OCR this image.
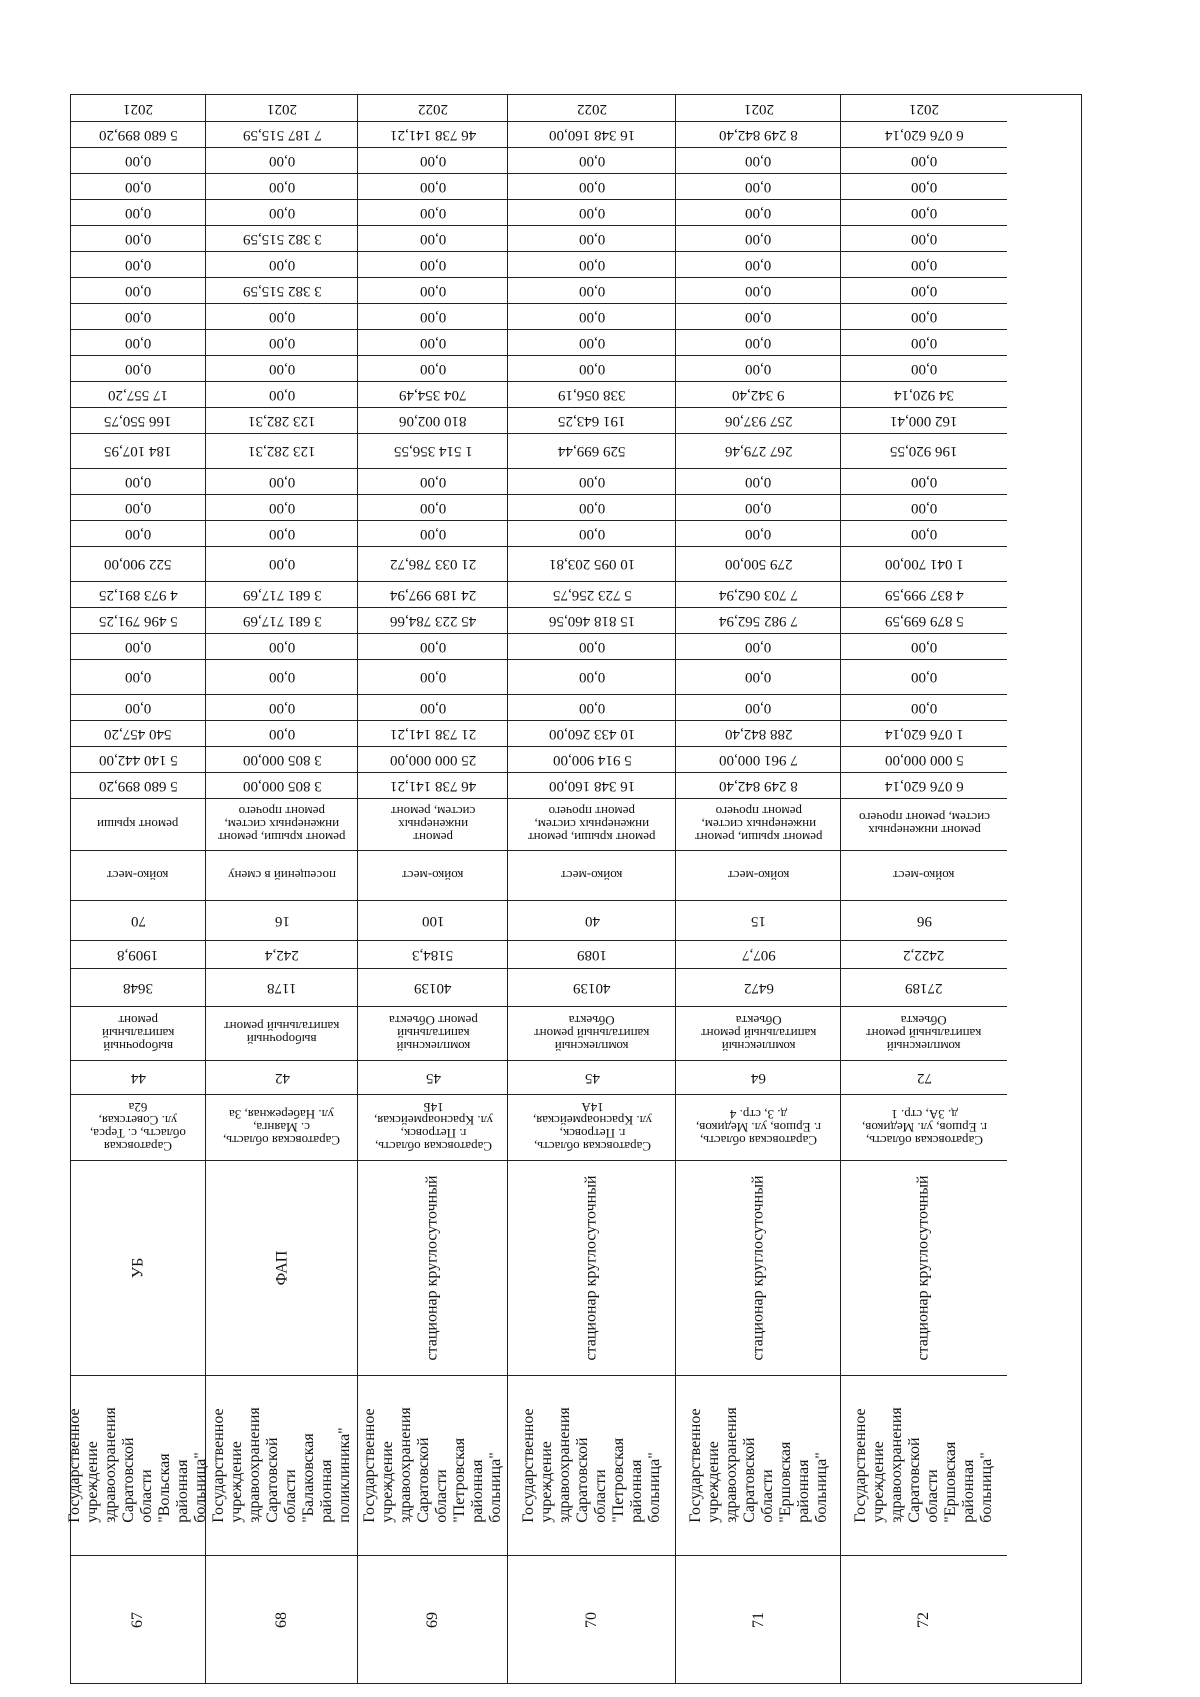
2021
5 680 899,20
0,00
0,00
0,00
0,00
0,00
0,00
0,00
0,00
0,00
17 557,20
166 550,75
184 107,95
0,00
0,00
0,00
522 900,00
4 973 891,25
5 496 791,25
0,00
0,00
0,00
540 457,20
5 140 442,00
5 680 899,20
ремонт крыши
койко-мест
70
1909,8
3648
выборочный
капитальный
ремонт
44
Саратовская
область, с. Терса,
ул. Советская,
62а
УБ
Государственное
учреждение
здравоохранения
Саратовской
области
"Вольская
районная
больница"
67
2021
7 187 515,59
0,00
0,00
0,00
3 382 515,59
0,00
3 382 515,59
0,00
0,00
0,00
0,00
123 282,31
123 282,31
0,00
0,00
0,00
0,00
3 681 717,69
3 681 717,69
0,00
0,00
0,00
0,00
3 805 000,00
3 805 000,00
ремонт крыши, ремонт
инженерных систем,
ремонт прочего
посещений в смену
16
242,4
1178
выборочный
капитальный ремонт
42
Саратовская область,
с. Маянга,
ул. Набережная, 3а
ФАП
Государственное
учреждение
здравоохранения
Саратовской
области
"Балаковская
районная
поликлиника"
68
2022
46 738 141,21
0,00
0,00
0,00
0,00
0,00
0,00
0,00
0,00
0,00
704 354,49
810 002,06
1 514 356,55
0,00
0,00
0,00
21 033 786,72
24 189 997,94
45 223 784,66
0,00
0,00
0,00
21 738 141,21
25 000 000,00
46 738 141,21
ремонт
инженерных
систем, ремонт
койко-мест
100
5184,3
40139
комплексный
капитальный
ремонт Объекта
45
Саратовская область,
г. Петровск,
ул. Красноармейская,
14Б
стационар круглосуточный
Государственное
учреждение
здравоохранения
Саратовской
области
"Петровская
районная
больница"
69
2022
16 348 160,00
0,00
0,00
0,00
0,00
0,00
0,00
0,00
0,00
0,00
338 056,19
191 643,25
529 699,44
0,00
0,00
0,00
10 095 203,81
5 723 256,75
15 818 460,56
0,00
0,00
0,00
10 433 260,00
5 914 900,00
16 348 160,00
ремонт крыши, ремонт
инженерных систем,
ремонт прочего
койко-мест
40
1089
40139
комплексный
капитальный ремонт
Объекта
45
Саратовская область,
г. Петровск,
ул. Красноармейская,
14А
стационар круглосуточный
Государственное
учреждение
здравоохранения
Саратовской
области
"Петровская
районная
больница"
70
2021
8 249 842,40
0,00
0,00
0,00
0,00
0,00
0,00
0,00
0,00
0,00
9 342,40
257 937,06
267 279,46
0,00
0,00
0,00
279 500,00
7 703 062,94
7 982 562,94
0,00
0,00
0,00
288 842,40
7 961 000,00
8 249 842,40
ремонт крыши, ремонт
инженерных систем,
ремонт прочего
койко-мест
15
907,7
6472
комплексный
капитальный ремонт
Объекта
64
Саратовская область,
г. Ершов, ул. Медиков,
д. 3, стр. 4
стационар круглосуточный
Государственное
учреждение
здравоохранения
Саратовской
области
"Ершовская
районная
больница"
71
2021
6 076 620,14
0,00
0,00
0,00
0,00
0,00
0,00
0,00
0,00
0,00
34 920,14
162 000,41
196 920,55
0,00
0,00
0,00
1 041 700,00
4 837 999,59
5 879 699,59
0,00
0,00
0,00
1 076 620,14
5 000 000,00
6 076 620,14
ремонт инженерных
систем, ремонт прочего
койко-мест
96
2422,2
27189
комплексный
капитальный ремонт
Объекта
72
Саратовская область,
г. Ершов, ул. Медиков,
д. 3А, стр. 1
стационар круглосуточный
Государственное
учреждение
здравоохранения
Саратовской
области
"Ершовская
районная
больница"
72
